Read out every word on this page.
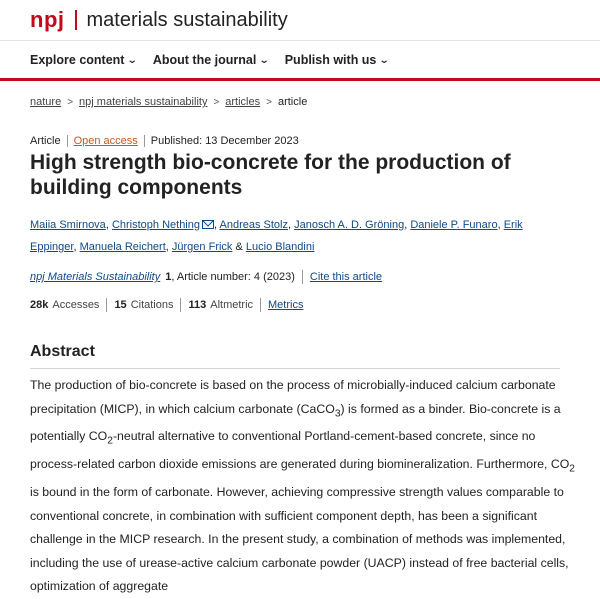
npj materials sustainability
Explore content ⌄ About the journal ⌄ Publish with us ⌄
nature > npj materials sustainability > articles > article
Article Open access Published: 13 December 2023
High strength bio-concrete for the production of building components
Maiia Smirnova, Christoph Nething , Andreas Stolz, Janosch A. D. Gröning, Daniele P. Funaro, Erik Eppinger, Manuela Reichert, Jürgen Frick & Lucio Blandini
npj Materials Sustainability 1 , Article number: 4 (2023) Cite this article
28k Accesses 15 Citations 113 Altmetric Metrics
Abstract

The production of bio-concrete is based on the process of microbially-induced calcium carbonate precipitation (MICP), in which calcium carbonate (CaCO$_3$) is formed as a binder. Bio-concrete is a potentially $CO_2$-neutral alternative to conventional Portland-cement-based concrete, since no process-related carbon dioxide emissions are generated during biomineralization. Furthermore, $CO_2$ is bound in the form of carbonate. However, achieving compressive strength values comparable to conventional concrete, in combination with sufficient component depth, has been a significant challenge in the MICP research. In the present study, a combination of methods was implemented, including the use of urease-active calcium carbonate powder (UACP) instead of free bacterial cells, optimization of aggregate
